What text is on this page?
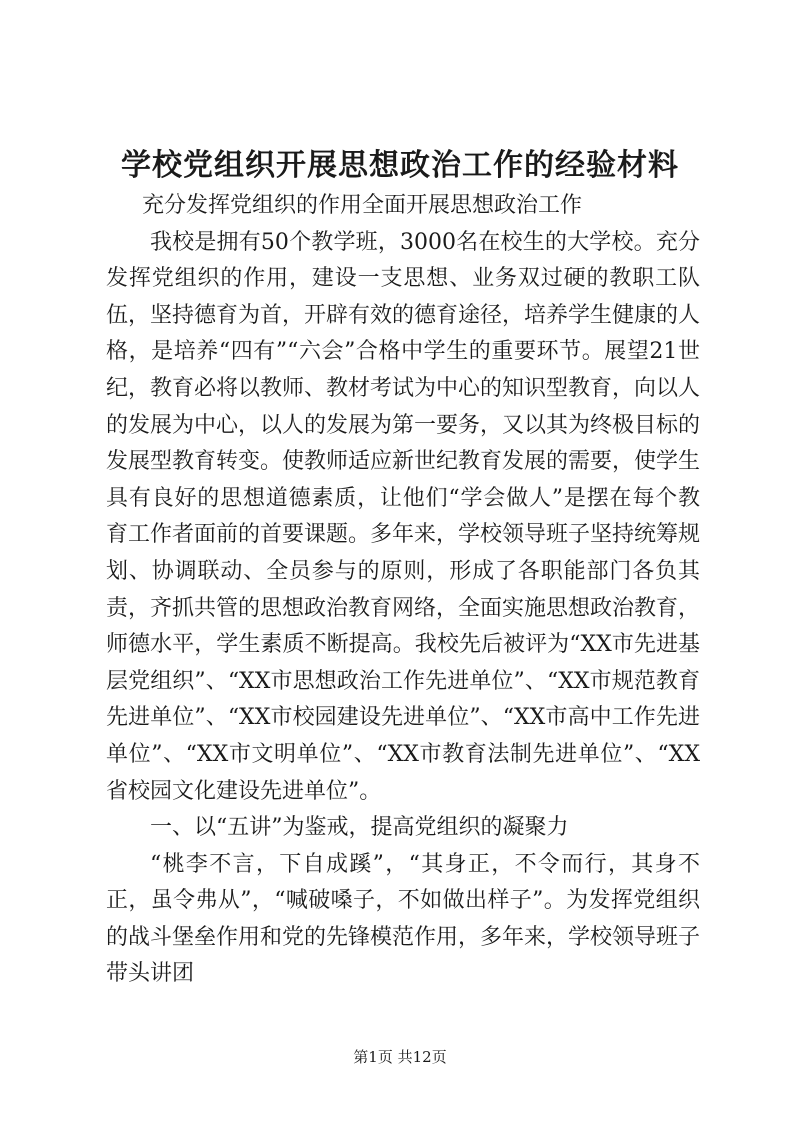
学校党组织开展思想政治工作的经验材料

充分发挥党组织的作用全面开展思想政治工作

我校是拥有50个教学班，3000名在校生的大学校。充分发挥党组织的作用，建设一支思想、业务双过硬的教职工队伍，坚持德育为首，开辟有效的德育途径，培养学生健康的人格，是培养“四有”“六会”合格中学生的重要环节。展望21世纪，教育必将以教师、教材考试为中心的知识型教育，向以人的发展为中心，以人的发展为第一要务，又以其为终极目标的发展型教育转变。使教师适应新世纪教育发展的需要，使学生具有良好的思想道德素质，让他们“学会做人”是摆在每个教育工作者面前的首要课题。多年来，学校领导班子坚持统筹规划、协调联动、全员参与的原则，形成了各职能部门各负其责，齐抓共管的思想政治教育网络，全面实施思想政治教育，师德水平，学生素质不断提高。我校先后被评为“XX市先进基层党组织”、“XX市思想政治工作先进单位”、“XX市规范教育先进单位”、“XX市校园建设先进单位”、“XX市高中工作先进单位”、“XX市文明单位”、“XX市教育法制先进单位”、“XX省校园文化建设先进单位”。

一、以“五讲”为鉴戒，提高党组织的凝聚力

“桃李不言，下自成蹊”，“其身正，不令而行，其身不正，虽令弗从”，“喊破嗓子，不如做出样子”。为发挥党组织的战斗堡垒作用和党的先锋模范作用，多年来，学校领导班子带头讲团

第1页 共12页
